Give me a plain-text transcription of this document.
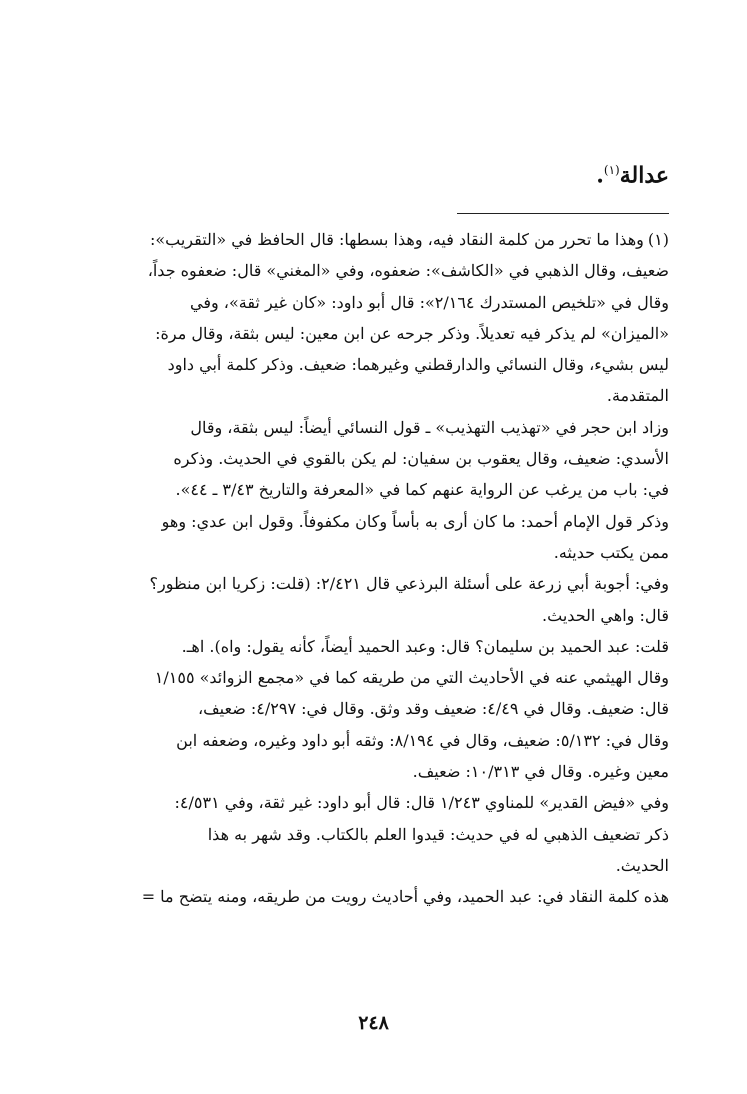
عدالة$^{(١)}$.
(١)وهذا ما تحرر من كلمة النقاد فيه، وهذا بسطها: قال الحافظ في «التقريب»:
ضعيف، وقال الذهبي في «الكاشف»: ضعفوه، وفي «المغني» قال: ضعفوه جداً،
وقال في «تلخيص المستدرك ٢/١٦٤»: قال أبو داود: «كان غير ثقة»، وفي
«الميزان» لم يذكر فيه تعديلاً. وذكر جرحه عن ابن معين: ليس بثقة، وقال مرة:
ليس بشيء، وقال النسائي والدارقطني وغيرهما: ضعيف. وذكر كلمة أبي داود
المتقدمة.
وزاد ابن حجر في «تهذيب التهذيب» ـ قول النسائي أيضاً: ليس بثقة، وقال
الأسدي: ضعيف، وقال يعقوب بن سفيان: لم يكن بالقوي في الحديث. وذكره
في: باب من يرغب عن الرواية عنهم كما في «المعرفة والتاريخ ٣/٤٣ ـ ٤٤».
وذكر قول الإمام أحمد: ما كان أرى به بأساً وكان مكفوفاً. وقول ابن عدي: وهو
ممن يكتب حديثه.
وفي: أجوبة أبي زرعة على أسئلة البرذعي قال ٢/٤٢١: (قلت: زكريا ابن منظور؟
قال: واهي الحديث.
قلت: عبد الحميد بن سليمان؟ قال: وعبد الحميد أيضاً، كأنه يقول: واه). اهـ.
وقال الهيثمي عنه في الأحاديث التي من طريقه كما في «مجمع الزوائد» ١/١٥٥
قال: ضعيف. وقال في ٤/٤٩: ضعيف وقد وثق. وقال في: ٤/٢٩٧: ضعيف،
وقال في: ٥/١٣٢: ضعيف، وقال في ٨/١٩٤: وثقه أبو داود وغيره، وضعفه ابن
معين وغيره. وقال في ١٠/٣١٣: ضعيف.
وفي «فيض القدير» للمناوي ١/٢٤٣ قال: قال أبو داود: غير ثقة، وفي ٤/٥٣١:
ذكر تضعيف الذهبي له في حديث: قيدوا العلم بالكتاب. وقد شهر به هذا
الحديث.
هذه كلمة النقاد في: عبد الحميد، وفي أحاديث رويت من طريقه، ومنه يتضح ما =
٢٤٨
